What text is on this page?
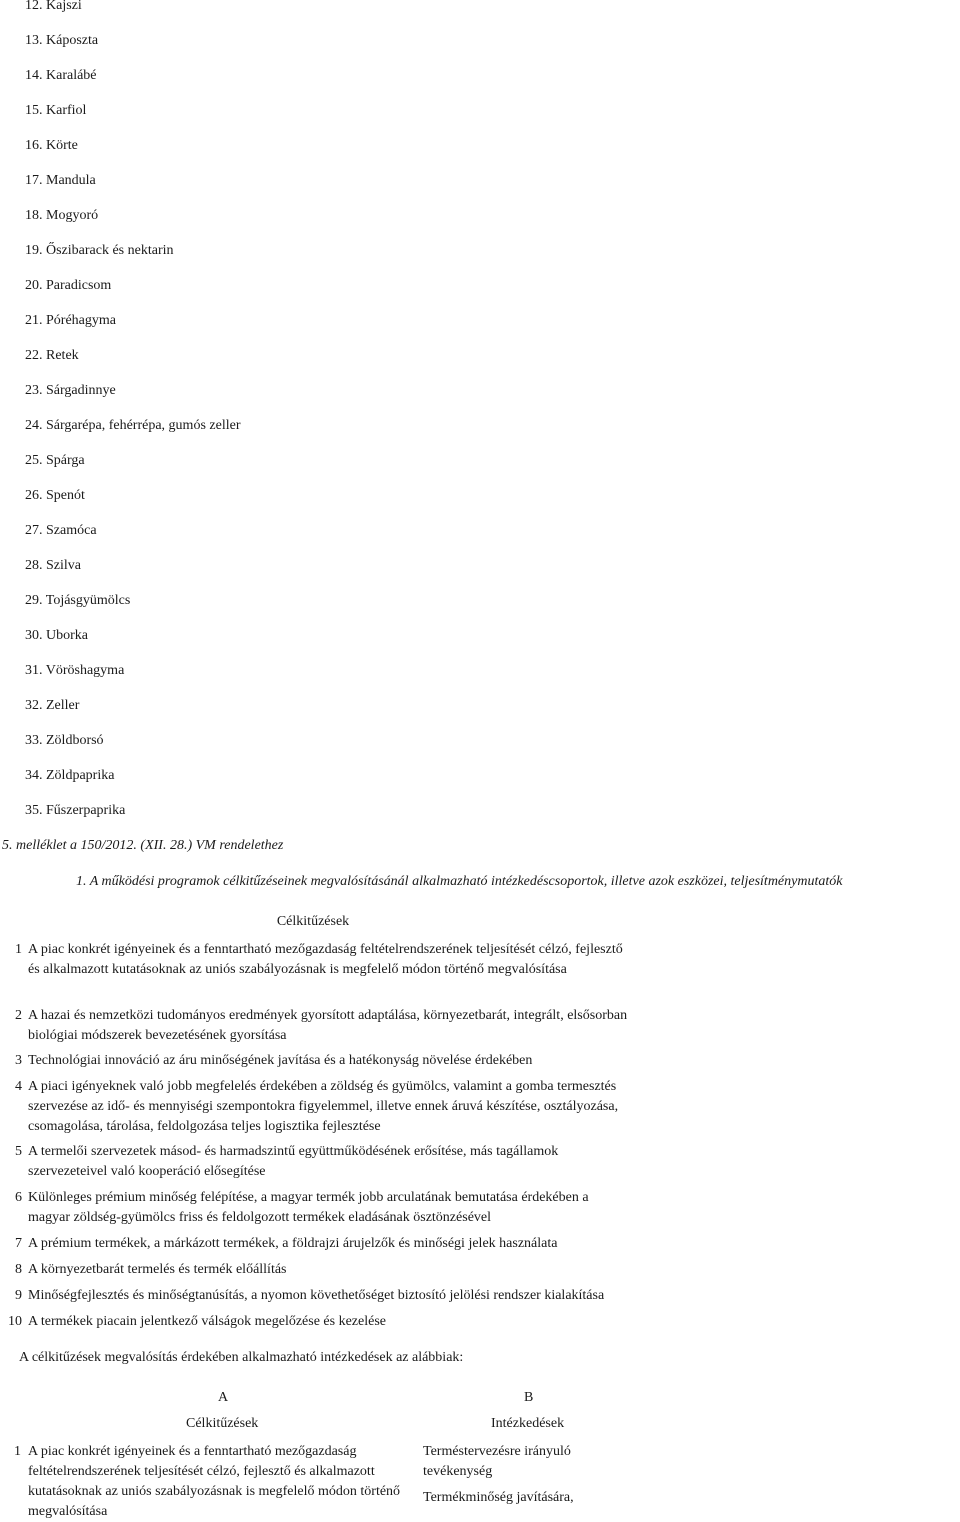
12. Kajszi
13. Káposzta
14. Karalábé
15. Karfiol
16. Körte
17. Mandula
18. Mogyoró
19. Őszibarack és nektarin
20. Paradicsom
21. Póréhagyma
22. Retek
23. Sárgadinnye
24. Sárgarépa, fehérrépa, gumós zeller
25. Spárga
26. Spenót
27. Szamóca
28. Szilva
29. Tojásgyümölcs
30. Uborka
31. Vöröshagyma
32. Zeller
33. Zöldborsó
34. Zöldpaprika
35. Fűszerpaprika
5. melléklet a 150/2012. (XII. 28.) VM rendelethez
1. A működési programok célkitűzéseinek megvalósításánál alkalmazható intézkedéscsoportok, illetve azok eszközei, teljesítménymutatók
Célkitűzések
1 A piac konkrét igényeinek és a fenntartható mezőgazdaság feltételrendszerének teljesítését célzó, fejlesztő és alkalmazott kutatásoknak az uniós szabályozásnak is megfelelő módon történő megvalósítása
2 A hazai és nemzetközi tudományos eredmények gyorsított adaptálása, környezetbarát, integrált, elsősorban biológiai módszerek bevezetésének gyorsítása
3 Technológiai innováció az áru minőségének javítása és a hatékonyság növelése érdekében
4 A piaci igényeknek való jobb megfelelés érdekében a zöldség és gyümölcs, valamint a gomba termesztés szervezése az idő- és mennyiségi szempontokra figyelemmel, illetve ennek áruvá készítése, osztályozása, csomagolása, tárolása, feldolgozása teljes logisztika fejlesztése
5 A termelői szervezetek másod- és harmadszintű együttműködésének erősítése, más tagállamok szervezeteivel való kooperáció elősegítése
6 Különleges prémium minőség felépítése, a magyar termék jobb arculatának bemutatása érdekében a magyar zöldség-gyümölcs friss és feldolgozott termékek eladásának ösztönzésével
7 A prémium termékek, a márkázott termékek, a földrajzi árujelzők és minőségi jelek használata
8 A környezetbarát termelés és termék előállítás
9 Minőségfejlesztés és minőségtanúsítás, a nyomon követhetőséget biztosító jelölési rendszer kialakítása
10 A termékek piacain jelentkező válságok megelőzése és kezelése
A célkitűzések megvalósítás érdekében alkalmazható intézkedések az alábbiak:
A	B
Célkitűzések	Intézkedések
1 A piac konkrét igényeinek és a fenntartható mezőgazdaság feltételrendszerének teljesítését célzó, fejlesztő és alkalmazott kutatásoknak az uniós szabályozásnak is megfelelő módon történő megvalósítása
Terméstervezésre irányuló tevékenység
Termékminőség javítására,
